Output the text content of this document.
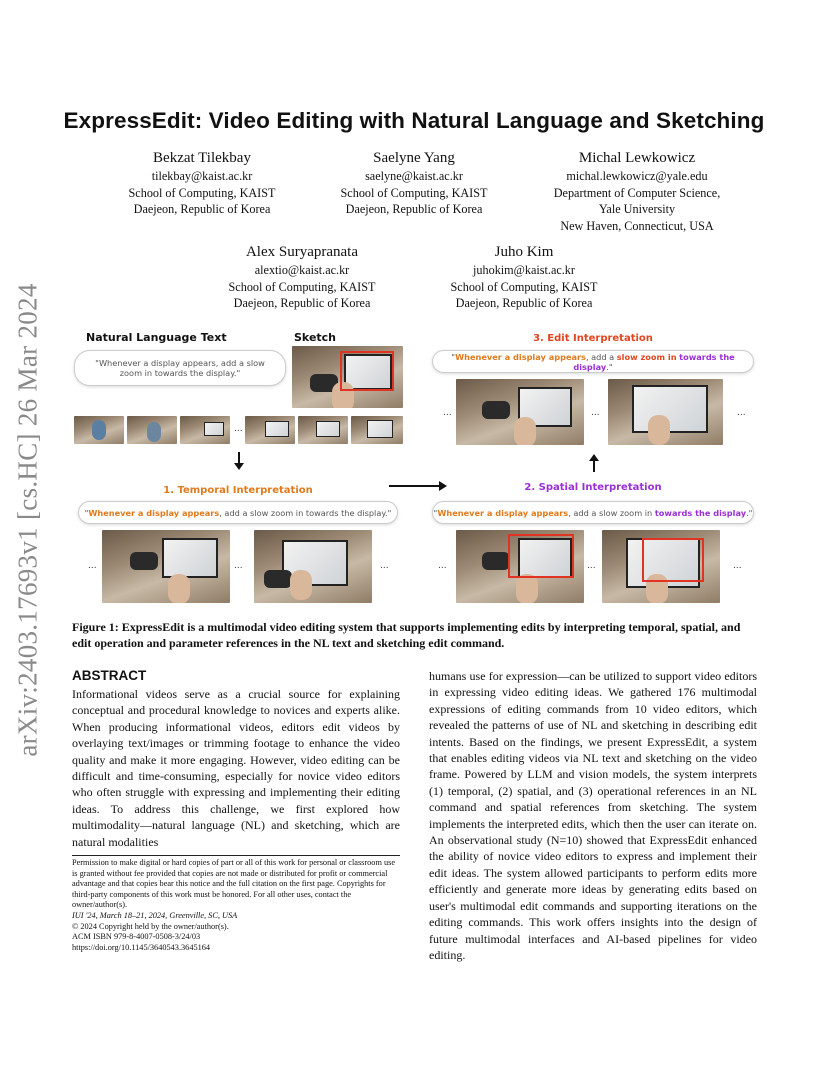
arXiv:2403.17693v1 [cs.HC] 26 Mar 2024
ExpressEdit: Video Editing with Natural Language and Sketching
Bekzat Tilekbay
tilekbay@kaist.ac.kr
School of Computing, KAIST
Daejeon, Republic of Korea
Saelyne Yang
saelyne@kaist.ac.kr
School of Computing, KAIST
Daejeon, Republic of Korea
Michal Lewkowicz
michal.lewkowicz@yale.edu
Department of Computer Science,
Yale University
New Haven, Connecticut, USA
Alex Suryapranata
alextio@kaist.ac.kr
School of Computing, KAIST
Daejeon, Republic of Korea
Juho Kim
juhokim@kaist.ac.kr
School of Computing, KAIST
Daejeon, Republic of Korea
Natural Language Text	Sketch
"Whenever a display appears, add a slow zoom in towards the display."
...
1. Temporal Interpretation
"Whenever a display appears, add a slow zoom in towards the display."
...	...	...
3. Edit Interpretation
"Whenever a display appears, add a slow zoom in towards the display."
...	...	...
2. Spatial Interpretation
"Whenever a display appears, add a slow zoom in towards the display."
...	...	...
Figure 1: ExpressEdit is a multimodal video editing system that supports implementing edits by interpreting temporal, spatial, and edit operation and parameter references in the NL text and sketching edit command.
ABSTRACT
Informational videos serve as a crucial source for explaining conceptual and procedural knowledge to novices and experts alike. When producing informational videos, editors edit videos by overlaying text/images or trimming footage to enhance the video quality and make it more engaging. However, video editing can be difficult and time-consuming, especially for novice video editors who often struggle with expressing and implementing their editing ideas. To address this challenge, we first explored how multimodality—natural language (NL) and sketching, which are natural modalities
humans use for expression—can be utilized to support video editors in expressing video editing ideas. We gathered 176 multimodal expressions of editing commands from 10 video editors, which revealed the patterns of use of NL and sketching in describing edit intents. Based on the findings, we present ExpressEdit, a system that enables editing videos via NL text and sketching on the video frame. Powered by LLM and vision models, the system interprets (1) temporal, (2) spatial, and (3) operational references in an NL command and spatial references from sketching. The system implements the interpreted edits, which then the user can iterate on. An observational study (N=10) showed that ExpressEdit enhanced the ability of novice video editors to express and implement their edit ideas. The system allowed participants to perform edits more efficiently and generate more ideas by generating edits based on user's multimodal edit commands and supporting iterations on the editing commands. This work offers insights into the design of future multimodal interfaces and AI-based pipelines for video editing.
Permission to make digital or hard copies of part or all of this work for personal or classroom use is granted without fee provided that copies are not made or distributed for profit or commercial advantage and that copies bear this notice and the full citation on the first page. Copyrights for third-party components of this work must be honored. For all other uses, contact the owner/author(s).
IUI '24, March 18–21, 2024, Greenville, SC, USA
© 2024 Copyright held by the owner/author(s).
ACM ISBN 979-8-4007-0508-3/24/03
https://doi.org/10.1145/3640543.3645164
